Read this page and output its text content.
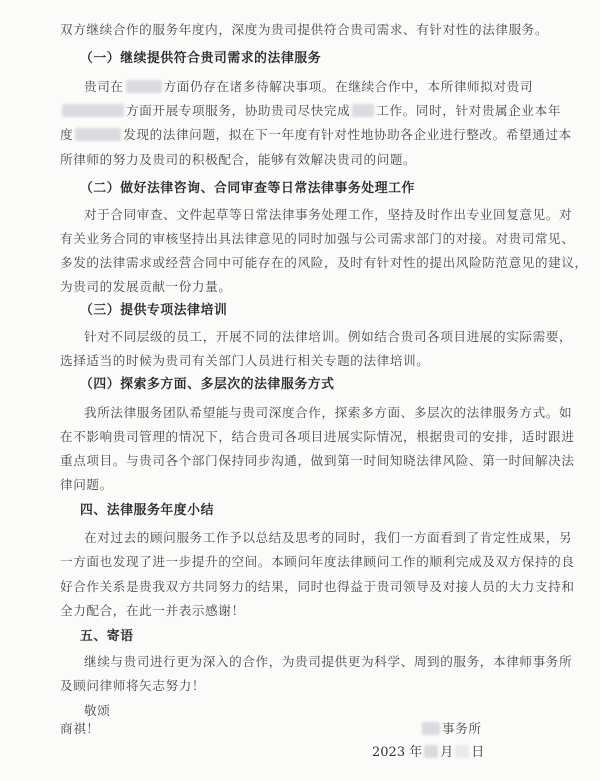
双方继续合作的服务年度内，深度为贵司提供符合贵司需求、有针对性的法律服务。
（一）继续提供符合贵司需求的法律服务
贵司在	方面仍存在诸多待解决事项。在继续合作中，本所律师拟对贵司
方面开展专项服务，协助贵司尽快完成 工作。同时，针对贵属企业本年
度	发现的法律问题，拟在下一年度有针对性地协助各企业进行整改。希望通过本
所律师的努力及贵司的积极配合，能够有效解决贵司的问题。
（二）做好法律咨询、合同审查等日常法律事务处理工作
对于合同审查、文件起草等日常法律事务处理工作，坚持及时作出专业回复意见。对
有关业务合同的审核坚持出具法律意见的同时加强与公司需求部门的对接。对贵司常见、
多发的法律需求或经营合同中可能存在的风险，及时有针对性的提出风险防范意见的建议，
为贵司的发展贡献一份力量。
（三）提供专项法律培训
针对不同层级的员工，开展不同的法律培训。例如结合贵司各项目进展的实际需要，
选择适当的时候为贵司有关部门人员进行相关专题的法律培训。
（四）探索多方面、多层次的法律服务方式
我所法律服务团队希望能与贵司深度合作，探索多方面、多层次的法律服务方式。如
在不影响贵司管理的情况下，结合贵司各项目进展实际情况，根据贵司的安排，适时跟进
重点项目。与贵司各个部门保持同步沟通，做到第一时间知晓法律风险、第一时间解决法
律问题。
四、法律服务年度小结
在对过去的顾问服务工作予以总结及思考的同时，我们一方面看到了肯定性成果，另
一方面也发现了进一步提升的空间。本顾问年度法律顾问工作的顺利完成及双方保持的良
好合作关系是贵我双方共同努力的结果，同时也得益于贵司领导及对接人员的大力支持和
全力配合，在此一并表示感谢！
五、寄语
继续与贵司进行更为深入的合作，为贵司提供更为科学、周到的服务，本律师事务所
及顾问律师将矢志努力！
敬颂
商祺！	事务所
2023 年 月 日
